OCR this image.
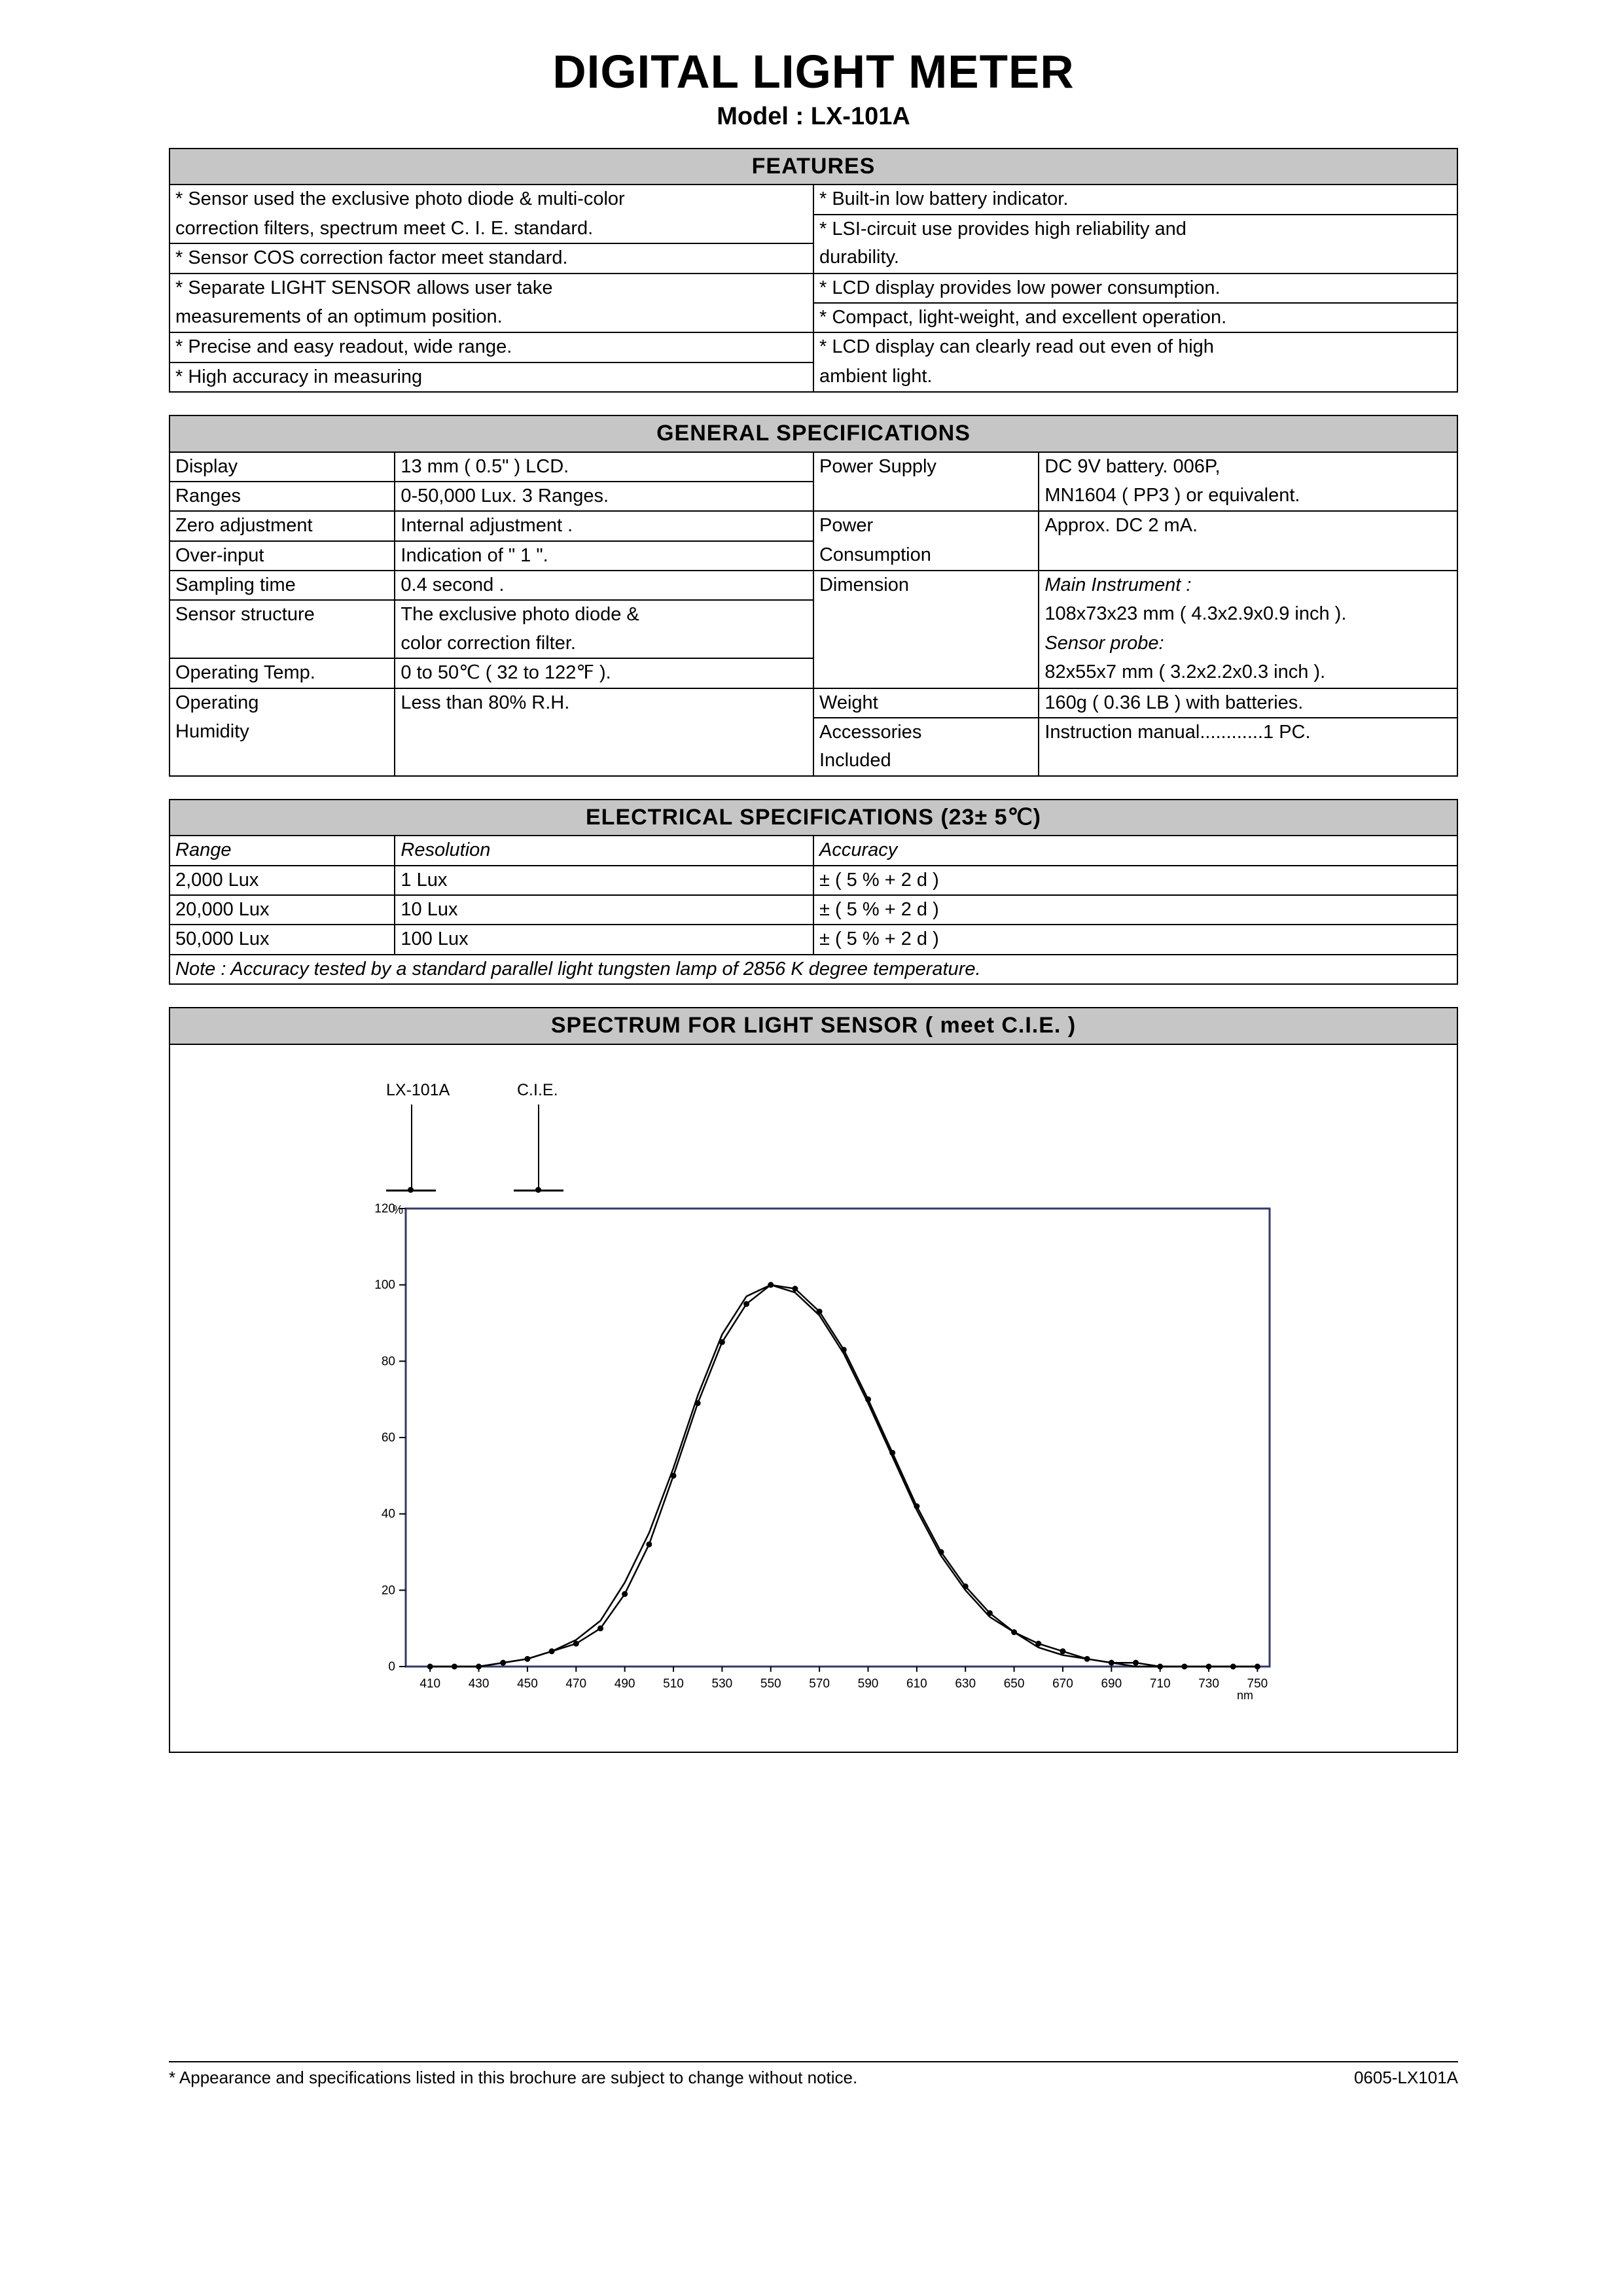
DIGITAL LIGHT METER
Model : LX-101A
FEATURES	
* Sensor used the exclusive photo diode & multi-color	* Built-in low battery indicator.
correction filters, spectrum meet C. I. E. standard.	* LSI-circuit use provides high reliability and
* Sensor COS correction factor meet standard.	durability.
* Separate LIGHT SENSOR allows user take	* LCD display provides low power consumption.
measurements of an optimum position.	* Compact, light-weight, and excellent operation.
* Precise and easy readout, wide range.	* LCD display can clearly read out even of high
* High accuracy in measuring	ambient light.
GENERAL SPECIFICATIONS			
Display	13 mm ( 0.5" ) LCD.	Power Supply	DC 9V battery. 006P,
Ranges	0-50,000 Lux. 3 Ranges.		MN1604 ( PP3 ) or equivalent.
Zero adjustment	Internal adjustment .	Power	Approx. DC 2 mA.
Over-input	Indication of " 1 ".	Consumption	
Sampling time	0.4 second .	Dimension	Main Instrument :
Sensor structure	The exclusive photo diode &		108x73x23 mm ( 4.3x2.9x0.9 inch ).
	color correction filter.		Sensor probe:
Operating Temp.	0 to 50℃ ( 32 to 122℉ ).		82x55x7 mm ( 3.2x2.2x0.3 inch ).
Operating	Less than 80% R.H.	Weight	160g ( 0.36 LB ) with batteries.
Humidity		Accessories	Instruction manual............1 PC.
		Included	
ELECTRICAL SPECIFICATIONS (23± 5℃)		
Range	Resolution	Accuracy
2,000 Lux	1 Lux	± ( 5 % + 2 d )
20,000 Lux	10 Lux	± ( 5 % + 2 d )
50,000 Lux	100 Lux	± ( 5 % + 2 d )
Note : Accuracy tested by a standard parallel light tungsten lamp of 2856 K degree temperature.		
SPECTRUM FOR LIGHT SENSOR ( meet C.I.E. )
LX-101A	C.I.E.
0
20
40
60
80
100
120
410 430 450 470 490 510 530 550 570 590 610 630 650 670 690 710 730 750
%
nm
* Appearance and specifications listed in this brochure are subject to change without notice.	0605-LX101A
